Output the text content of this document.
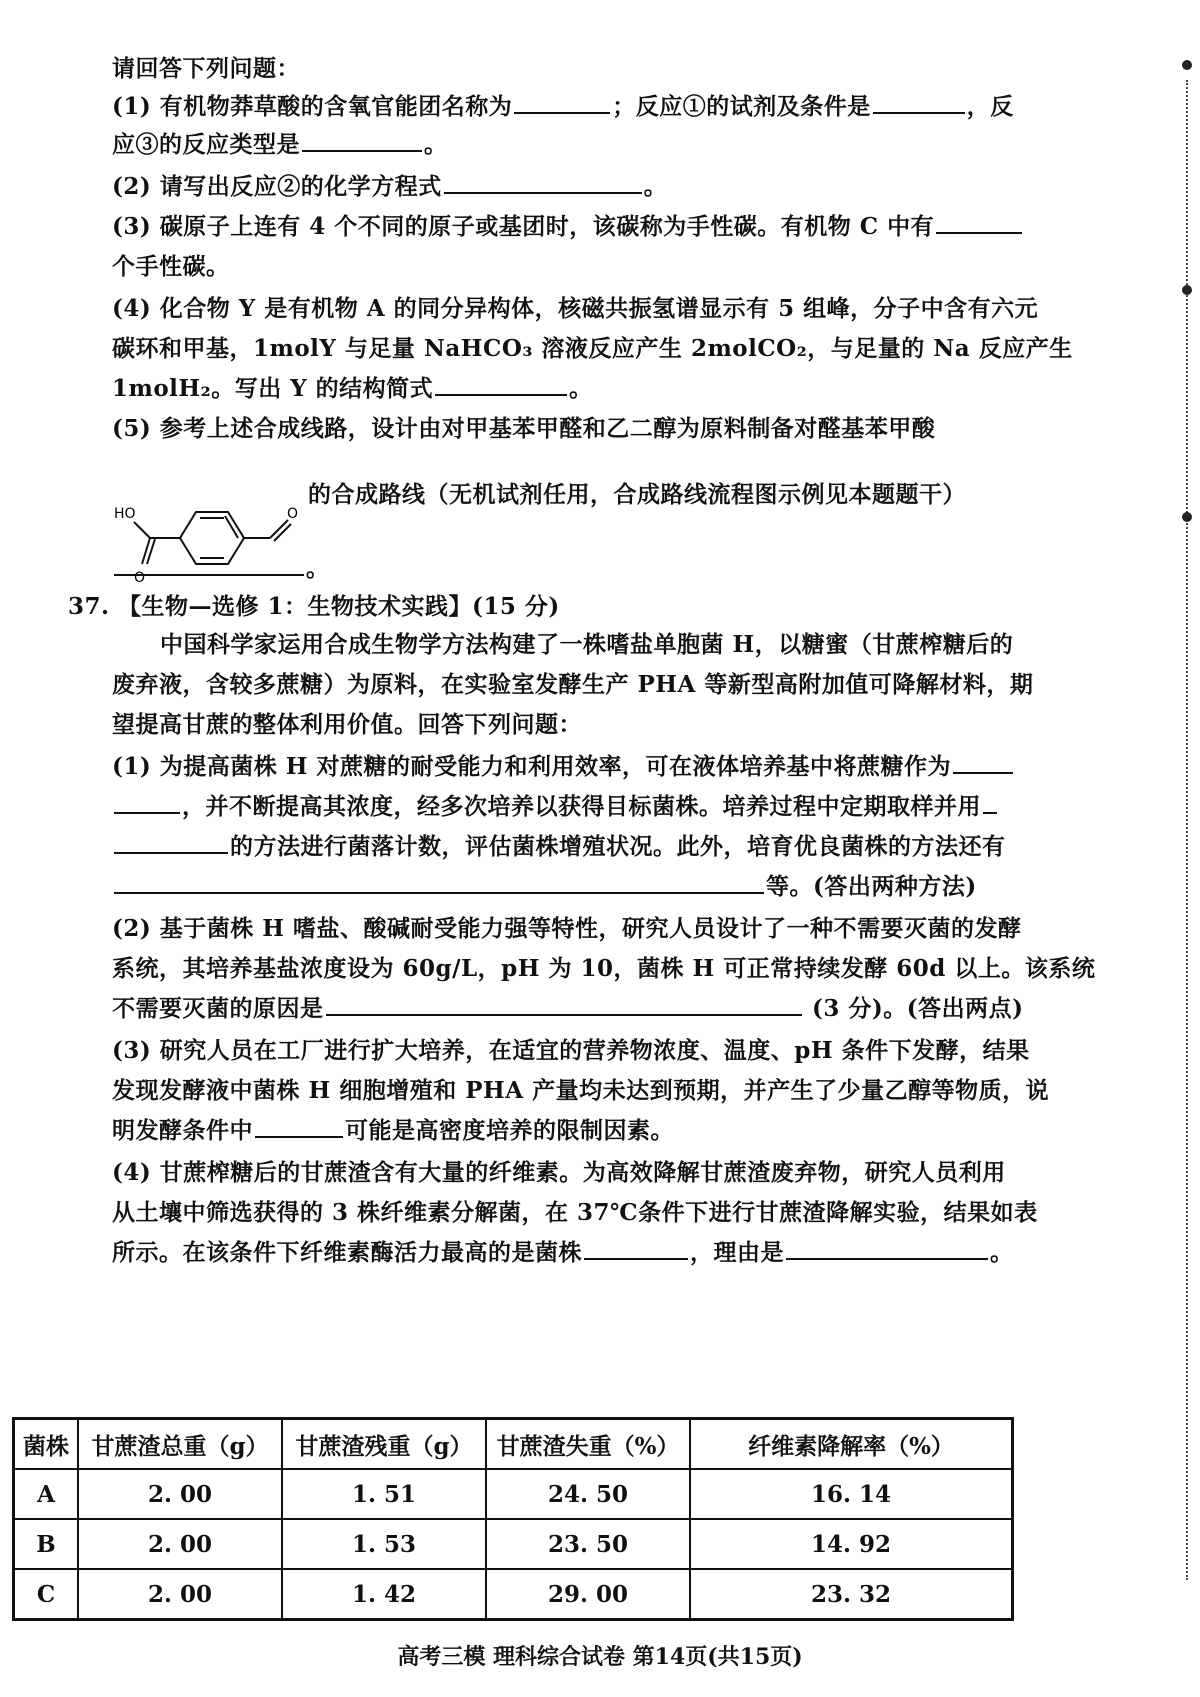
请回答下列问题：
(1) 有机物莽草酸的含氧官能团名称为	；反应①的试剂及条件是	，反
应③的反应类型是	。
(2) 请写出反应②的化学方程式	。
(3) 碳原子上连有 4 个不同的原子或基团时，该碳称为手性碳。有机物 C 中有
个手性碳。
(4) 化合物 Y 是有机物 A 的同分异构体，核磁共振氢谱显示有 5 组峰，分子中含有六元
碳环和甲基，1molY 与足量 NaHCO₃ 溶液反应产生 2molCO₂，与足量的 Na 反应产生
1molH₂。写出 Y 的结构简式	。
(5) 参考上述合成线路，设计由对甲基苯甲醛和乙二醇为原料制备对醛基苯甲酸
HO	O
O
的合成路线（无机试剂任用，合成路线流程图示例见本题题干）
。
37. 【生物—选修 1：生物技术实践】(15 分)
中国科学家运用合成生物学方法构建了一株嗜盐单胞菌 H，以糖蜜（甘蔗榨糖后的
废弃液，含较多蔗糖）为原料，在实验室发酵生产 PHA 等新型高附加值可降解材料，期
望提高甘蔗的整体利用价值。回答下列问题：
(1) 为提高菌株 H 对蔗糖的耐受能力和利用效率，可在液体培养基中将蔗糖作为
，并不断提高其浓度，经多次培养以获得目标菌株。培养过程中定期取样并用
的方法进行菌落计数，评估菌株增殖状况。此外，培育优良菌株的方法还有
等。(答出两种方法)
(2) 基于菌株 H 嗜盐、酸碱耐受能力强等特性，研究人员设计了一种不需要灭菌的发酵
系统，其培养基盐浓度设为 60g/L，pH 为 10，菌株 H 可正常持续发酵 60d 以上。该系统
不需要灭菌的原因是	(3 分)。(答出两点)
(3) 研究人员在工厂进行扩大培养，在适宜的营养物浓度、温度、pH 条件下发酵，结果
发现发酵液中菌株 H 细胞增殖和 PHA 产量均未达到预期，并产生了少量乙醇等物质，说
明发酵条件中	可能是高密度培养的限制因素。
(4) 甘蔗榨糖后的甘蔗渣含有大量的纤维素。为高效降解甘蔗渣废弃物，研究人员利用
从土壤中筛选获得的 3 株纤维素分解菌，在 37℃条件下进行甘蔗渣降解实验，结果如表
所示。在该条件下纤维素酶活力最高的是菌株	，理由是	。
菌株	甘蔗渣总重（g）	甘蔗渣残重（g）	甘蔗渣失重（%）	纤维素降解率（%）
A	2. 00	1. 51	24. 50	16. 14
B	2. 00	1. 53	23. 50	14. 92
C	2. 00	1. 42	29. 00	23. 32
高考三模 理科综合试卷 第14页(共15页)
